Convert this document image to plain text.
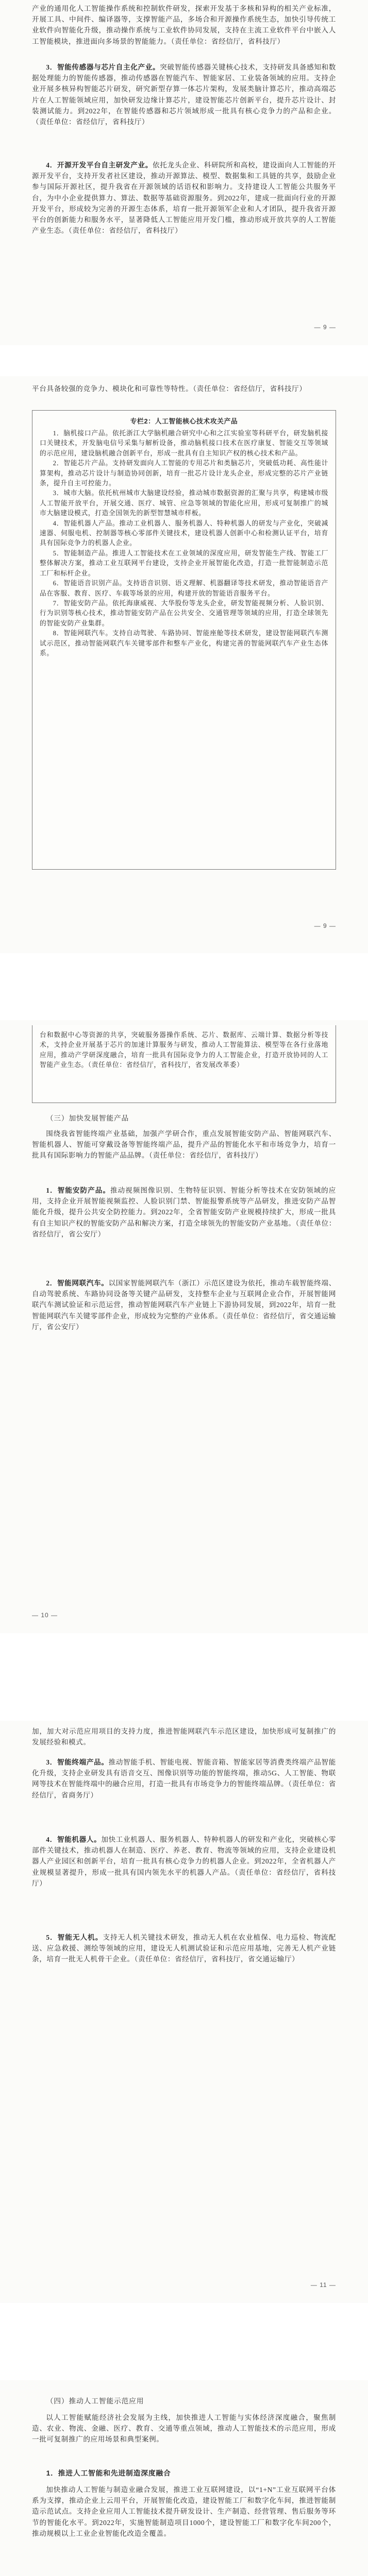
产业的通用化人工智能操作系统和控制软件研发，探索开发基于多核和异构的相关产业标准，开展工具、中间件、编译器等，支撑智能产品，多场合和开源操作系统生态，加快引导传统工业软件向智能化升级，推动操作系统与工业软件协同发展，支持在主流工业软件平台中嵌入人工智能模块，推进面向多场景的智能能力。（责任单位：省经信厅，省科技厅）

3．智能传感器与芯片自主化产业。突破智能传感器关键核心技术，支持研发具备感知和数据处理能力的智能传感器，推动传感器在智能汽车、智能家居、工业装备领域的应用。支持企业开展多核异构智能芯片研发，研究新型存算一体芯片架构，发展类脑计算芯片，推动高端芯片在人工智能领域应用，加快研发边缘计算芯片，建设智能芯片创新平台，提升芯片设计、封装测试能力。到2022年，在智能传感器和芯片领域形成一批具有核心竞争力的产品和企业。（责任单位：省经信厅，省科技厅）

4．开源开发平台自主研发产业。依托龙头企业、科研院所和高校，建设面向人工智能的开源开发平台，支持开发者社区建设，推动开源算法、模型、数据集和工具链的共享，鼓励企业参与国际开源社区，提升我省在开源领域的话语权和影响力。支持建设人工智能公共服务平台，为中小企业提供算力、算法、数据等基础资源服务。到2022年，建成一批面向行业的开源开发平台，形成较为完善的开源生态体系，培育一批开源领军企业和人才团队，提升我省开源平台的创新能力和服务水平，显著降低人工智能应用开发门槛，推动形成开放共享的人工智能产业生态。（责任单位：省经信厅，省科技厅）

— 9 —

平台具备较强的竞争力、模块化和可靠性等特性。（责任单位：省经信厅，省科技厅）

专栏2：人工智能核心技术攻关产品

1．脑机接口产品。依托浙江大学脑机融合研究中心和之江实验室等科研平台，研发脑机接口关键技术，开发脑电信号采集与解析设备，推动脑机接口技术在医疗康复、智能交互等领域的示范应用，建设脑机融合创新平台，形成一批具有自主知识产权的核心技术和产品。

2．智能芯片产品。支持研发面向人工智能的专用芯片和类脑芯片，突破低功耗、高性能计算架构，推动芯片设计与制造协同创新，培育一批芯片设计龙头企业，形成完整的芯片产业链条，提升自主可控能力。

3．城市大脑。依托杭州城市大脑建设经验，推动城市数据资源的汇聚与共享，构建城市级人工智能开放平台，开展交通、医疗、城管、应急等领域的智能化应用，形成可复制推广的城市大脑建设模式，打造全国领先的新型智慧城市样板。

4．智能机器人产品。推动工业机器人、服务机器人、特种机器人的研发与产业化，突破减速器、伺服电机、控制器等核心零部件关键技术，建设机器人创新中心和检测认证平台，培育具有国际竞争力的机器人企业。

5．智能制造产品。推进人工智能技术在工业领域的深度应用，研发智能生产线、智能工厂整体解决方案，推动工业互联网平台建设，支持企业开展智能化改造，打造一批智能制造示范工厂和标杆企业。

6．智能语音识别产品。支持语音识别、语义理解、机器翻译等技术研发，推动智能语音产品在客服、教育、医疗、车载等场景的应用，构建开放的智能语音服务平台。

7．智能安防产品。依托海康威视、大华股份等龙头企业，研发智能视频分析、人脸识别、行为识别等核心技术，推动智能安防产品在公共安全、交通管理等领域的应用，打造全球领先的智能安防产业集群。

8．智能网联汽车。支持自动驾驶、车路协同、智能座舱等技术研发，建设智能网联汽车测试示范区，推动智能网联汽车关键零部件和整车产业化，构建完善的智能网联汽车产业生态体系。

— 9 —

台和数据中心等资源的共享，突破服务器操作系统、芯片、数据库、云端计算、数据分析等技术，支持企业开展基于芯片的加速计算服务与研发，推动人工智能算法、模型等在各行业落地应用，推动产学研深度融合，培育一批具有国际竞争力的人工智能企业，打造开放协同的人工智能产业生态。（责任单位：省经信厅，省科技厅，省发展改革委）

（三）加快发展智能产品

围绕我省智能终端产业基础，加强产学研合作，重点发展智能安防产品、智能网联汽车、智能机器人、智能可穿戴设备等智能终端产品，提升产品的智能化水平和市场竞争力，培育一批具有国际影响力的智能产品品牌。（责任单位：省经信厅，省科技厅）

1．智能安防产品。推动视频图像识别、生物特征识别、智能分析等技术在安防领域的应用，支持企业开展智能视频监控、人脸识别门禁、智能报警系统等产品研发，推进安防产品智能化升级，提升公共安全防控能力。到2022年，全省智能安防产业规模持续扩大，形成一批具有自主知识产权的智能安防产品和解决方案，打造全球领先的智能安防产业基地。（责任单位：省经信厅，省公安厅）

2．智能网联汽车。以国家智能网联汽车（浙江）示范区建设为依托，推动车载智能终端、自动驾驶系统、车路协同设备等关键产品研发，支持整车企业与互联网企业合作，开展智能网联汽车测试验证和示范运营，推动智能网联汽车产业链上下游协同发展，到2022年，培育一批智能网联汽车关键零部件企业，形成较为完整的产业体系。（责任单位：省经信厅，省交通运输厅，省公安厅）

— 10 —

加，加大对示范应用项目的支持力度，推进智能网联汽车示范区建设，加快形成可复制推广的发展经验和模式。

3．智能终端产品。推动智能手机、智能电视、智能音箱、智能家居等消费类终端产品智能化升级，支持企业研发具有语音交互、图像识别等功能的智能终端，推动5G、人工智能、物联网等技术在智能终端中的融合应用，打造一批具有市场竞争力的智能终端品牌。（责任单位：省经信厅，省商务厅）

4．智能机器人。加快工业机器人、服务机器人、特种机器人的研发和产业化，突破核心零部件关键技术，推动机器人在制造、医疗、养老、教育、物流等领域的应用，支持企业建设机器人产业园区和创新平台，培育一批具有核心竞争力的机器人企业。到2022年，全省机器人产业规模显著提升，形成一批具有国内领先水平的机器人产品。（责任单位：省经信厅，省科技厅）

5．智能无人机。支持无人机关键技术研发，推动无人机在农业植保、电力巡检、物流配送、应急救援、测绘等领域的应用，建设无人机测试验证和示范应用基地，完善无人机产业链条，培育一批无人机骨干企业。（责任单位：省经信厅，省科技厅，省交通运输厅）

— 11 —

（四）推动人工智能示范应用

以人工智能赋能经济社会发展为主线，加快推进人工智能与实体经济深度融合，聚焦制造、农业、物流、金融、医疗、教育、交通等重点领域，推动人工智能技术的示范应用，形成一批可复制推广的应用场景和典型案例。

1．推进人工智能和先进制造深度融合

加快推动人工智能与制造业融合发展，推进工业互联网建设，以“1+N”工业互联网平台体系为支撑，推动企业上云用平台，开展智能化改造，建设智能工厂和数字化车间，推进智能制造示范试点。支持企业应用人工智能技术提升研发设计、生产制造、经营管理、售后服务等环节的智能化水平。到2022年，实施智能制造项目1000个，建设智能工厂和数字化车间200个，推动规模以上工业企业智能化改造全覆盖。
